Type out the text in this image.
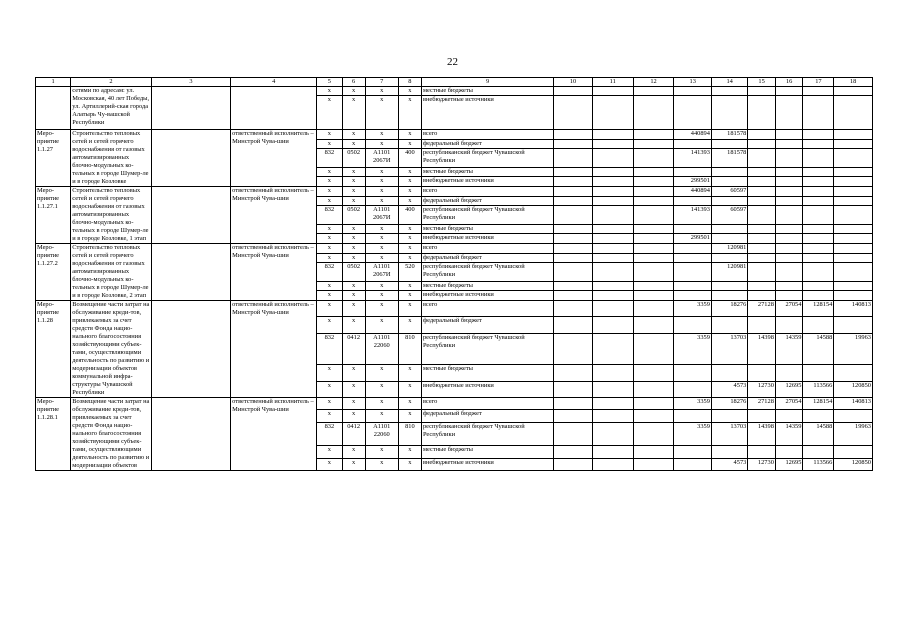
22
1	2	3	4	5	6	7	8	9	10	11	12	13	14	15	16	17	18
	сетями по адресам: ул. Московская, 40 лет Победы, ул. Артиллерий-ская города Алатырь Чу-вашской Республики			x	x	x	x	местные бюджеты									
				x	x	x	x	внебюджетные источники									
Меро-приятие 1.1.27	Строительство тепловых сетей и сетей горячего водоснабжения от газовых автоматизированных блочно-модульных ко-тельных в городе Шумер-ле и в городе Козловке		ответственный исполнитель – Минстрой Чува-шии	x	x	x	x	всего				440894	181578				
				x	x	x	x	федеральный бюджет									
				832	0502	А1101 2067И	400	республиканский бюджет Чувашской Республики				141393	181578				
				x	x	x	x	местные бюджеты									
				x	x	x	x	внебюджетные источники				299501					
Меро-приятие 1.1.27.1	Строительство тепловых сетей и сетей горячего водоснабжения от газовых автоматизированных блочно-модульных ко-тельных в городе Шумер-ле и в городе Козловке, 1 этап		ответственный исполнитель – Минстрой Чува-шии	x	x	x	x	всего				440894	60597				
				x	x	x	x	федеральный бюджет									
				832	0502	А1101 2067И	400	республиканский бюджет Чувашской Республики				141393	60597				
				x	x	x	x	местные бюджеты									
				x	x	x	x	внебюджетные источники				299501					
Меро-приятие 1.1.27.2	Строительство тепловых сетей и сетей горячего водоснабжения от газовых автоматизированных блочно-модульных ко-тельных в городе Шумер-ле и в городе Козловке, 2 этап		ответственный исполнитель – Минстрой Чува-шии	x	x	x	x	всего					120981				
				x	x	x	x	федеральный бюджет									
				832	0502	А1101 2067И	520	республиканский бюджет Чувашской Республики					120981				
				x	x	x	x	местные бюджеты									
				x	x	x	x	внебюджетные источники									
Меро-приятие 1.1.28	Возмещение части затрат на обслуживание креди-тов, привлекаемых за счет средств Фонда нацио-нального благосостояния хозяйствующими субъек-тами, осуществляющими деятельность по развитию и модернизации объектов коммунальной инфра-структуры Чувашской Республики		ответственный исполнитель – Минстрой Чува-шии	x	x	x	x	всего				3359	18276	27128	27054	128154	140813
				x	x	x	x	федеральный бюджет									
				832	0412	А1101 22060	810	республиканский бюджет Чувашской Республики				3359	13703	14398	14359	14588	19963
				x	x	x	x	местные бюджеты									
				x	x	x	x	внебюджетные источники					4573	12730	12695	113566	120850
Меро-приятие 1.1.28.1	Возмещение части затрат на обслуживание креди-тов, привлекаемых за счет средств Фонда нацио-нального благосостояния хозяйствующими субъек-тами, осуществляющими деятельность по развитию и модернизации объектов		ответственный исполнитель – Минстрой Чува-шии	x	x	x	x	всего				3359	18276	27128	27054	128154	140813
				x	x	x	x	федеральный бюджет									
				832	0412	А1101 22060	810	республиканский бюджет Чувашской Республики				3359	13703	14398	14359	14588	19963
				x	x	x	x	местные бюджеты									
				x	x	x	x	внебюджетные источники					4573	12730	12695	113566	120850
